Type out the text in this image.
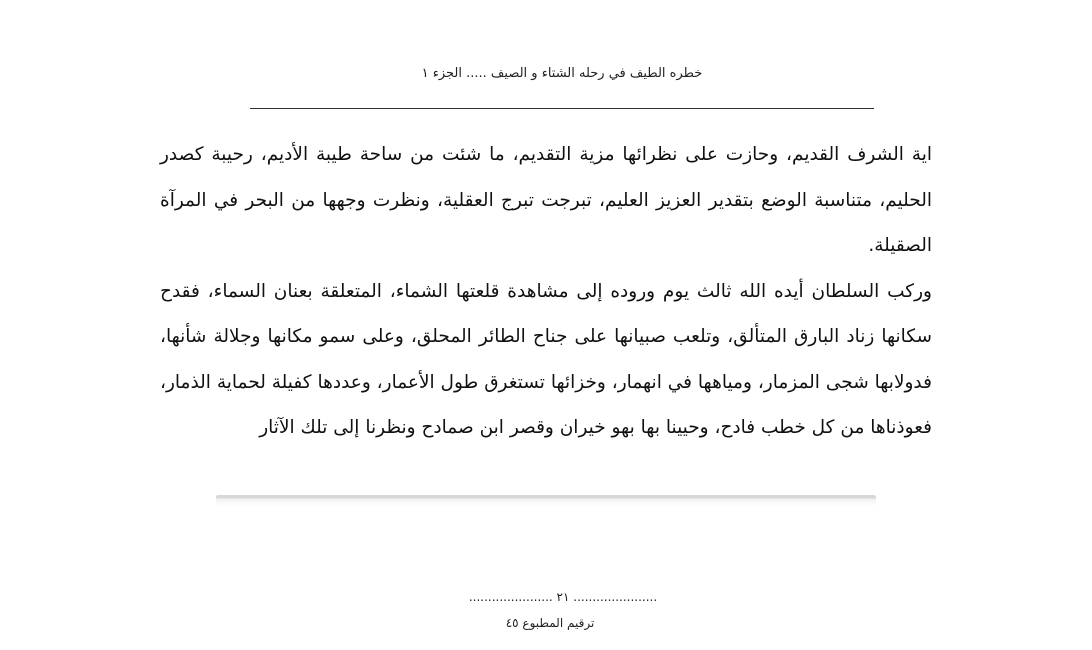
خطره الطيف في رحله الشتاء و الصيف ..... الجزء ١

اية الشرف القديم، وحازت على نظرائها مزية التقديم، ما شئت من ساحة طيبة الأديم، رحيبة كصدر الحليم، متناسبة الوضع بتقدير العزيز العليم، تبرجت تبرج العقلية، ونظرت وجهها من البحر في المرآة الصقيلة.

وركب السلطان أيده الله ثالث يوم وروده إلى مشاهدة قلعتها الشماء، المتعلقة بعنان السماء، فقدح سكانها زناد البارق المتألق، وتلعب صبيانها على جناح الطائر المحلق، وعلى سمو مكانها وجلالة شأنها، فدولابها شجى المزمار، ومياهها في انهمار، وخزائها تستغرق طول الأعمار، وعددها كفيلة لحماية الذمار، فعوذناها من كل خطب فادح، وحيينا بها بهو خيران وقصر ابن صمادح ونظرنا إلى تلك الآثار

...................... ٢١ ......................
ترقيم المطبوع ٤٥
